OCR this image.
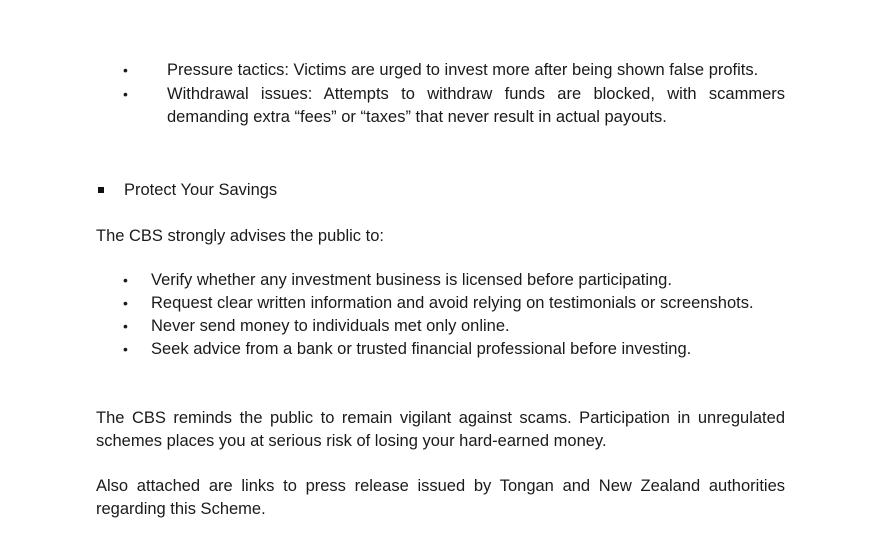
• Pressure tactics: Victims are urged to invest more after being shown false profits.
• Withdrawal issues: Attempts to withdraw funds are blocked, with scammers demanding extra “fees” or “taxes” that never result in actual payouts.
Protect Your Savings

The CBS strongly advises the public to:

• Verify whether any investment business is licensed before participating.
• Request clear written information and avoid relying on testimonials or screenshots.
• Never send money to individuals met only online.
• Seek advice from a bank or trusted financial professional before investing.

The CBS reminds the public to remain vigilant against scams. Participation in unregulated schemes places you at serious risk of losing your hard-earned money.

Also attached are links to press release issued by Tongan and New Zealand authorities regarding this Scheme.
